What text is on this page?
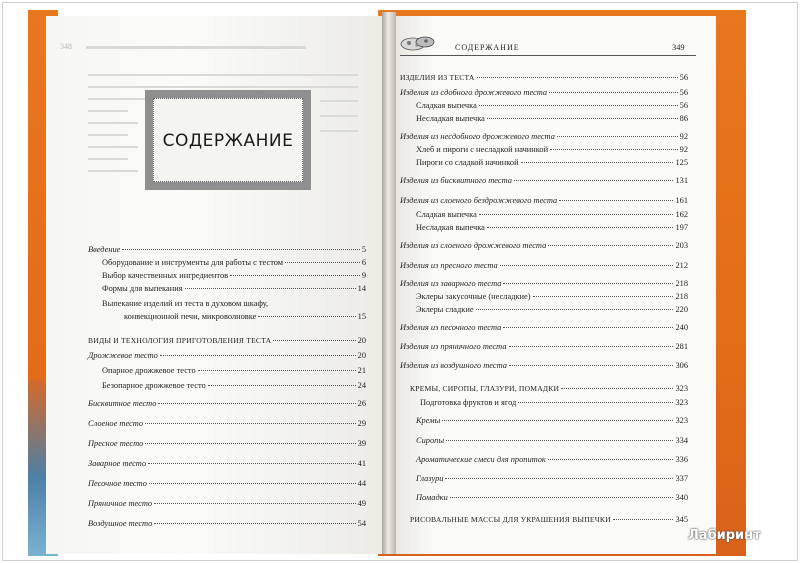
348
СОДЕРЖАНИЕ
Введение	5
Оборудование и инструменты для работы с тестом	6
Выбор качественных ингредиентов	9
Формы для выпекания	14
Выпекание изделий из теста в духовом шкафу,
конвекционной печи, микроволновке	15
ВИДЫ И ТЕХНОЛОГИЯ ПРИГОТОВЛЕНИЯ ТЕСТА	20
Дрожжевое тесто	20
Опарное дрожжевое тесто	21
Безопарное дрожжевое тесто	24
Бисквитное тесто	26
Слоеное тесто	29
Пресное тесто	39
Заварное тесто	41
Песочное тесто	44
Пряничное тесто	49
Воздушное тесто	54
СОДЕРЖАНИЕ	349
ИЗДЕЛИЯ ИЗ ТЕСТА	56
Изделия из сдобного дрожжевого теста	56
Сладкая выпечка	56
Несладкая выпечка	86
Изделия из несдобного дрожжевого теста	92
Хлеб и пироги с несладкой начинкой	92
Пироги со сладкой начинкой	125
Изделия из бисквитного теста	131
Изделия из слоеного бездрожжевого теста	161
Сладкая выпечка	162
Несладкая выпечка	197
Изделия из слоеного дрожжевого теста	203
Изделия из пресного теста	212
Изделия из заварного теста	218
Эклеры закусочные (несладкие)	218
Эклеры сладкие	220
Изделия из песочного теста	240
Изделия из пряничного теста	281
Изделия из воздушного теста	306
КРЕМЫ, СИРОПЫ, ГЛАЗУРИ, ПОМАДКИ	323
Подготовка фруктов и ягод	323
Кремы	323
Сиропы	334
Ароматические смеси для пропиток	336
Глазури	337
Помадки	340
РИСОВАЛЬНЫЕ МАССЫ ДЛЯ УКРАШЕНИЯ ВЫПЕЧКИ	345
Лабиринт
